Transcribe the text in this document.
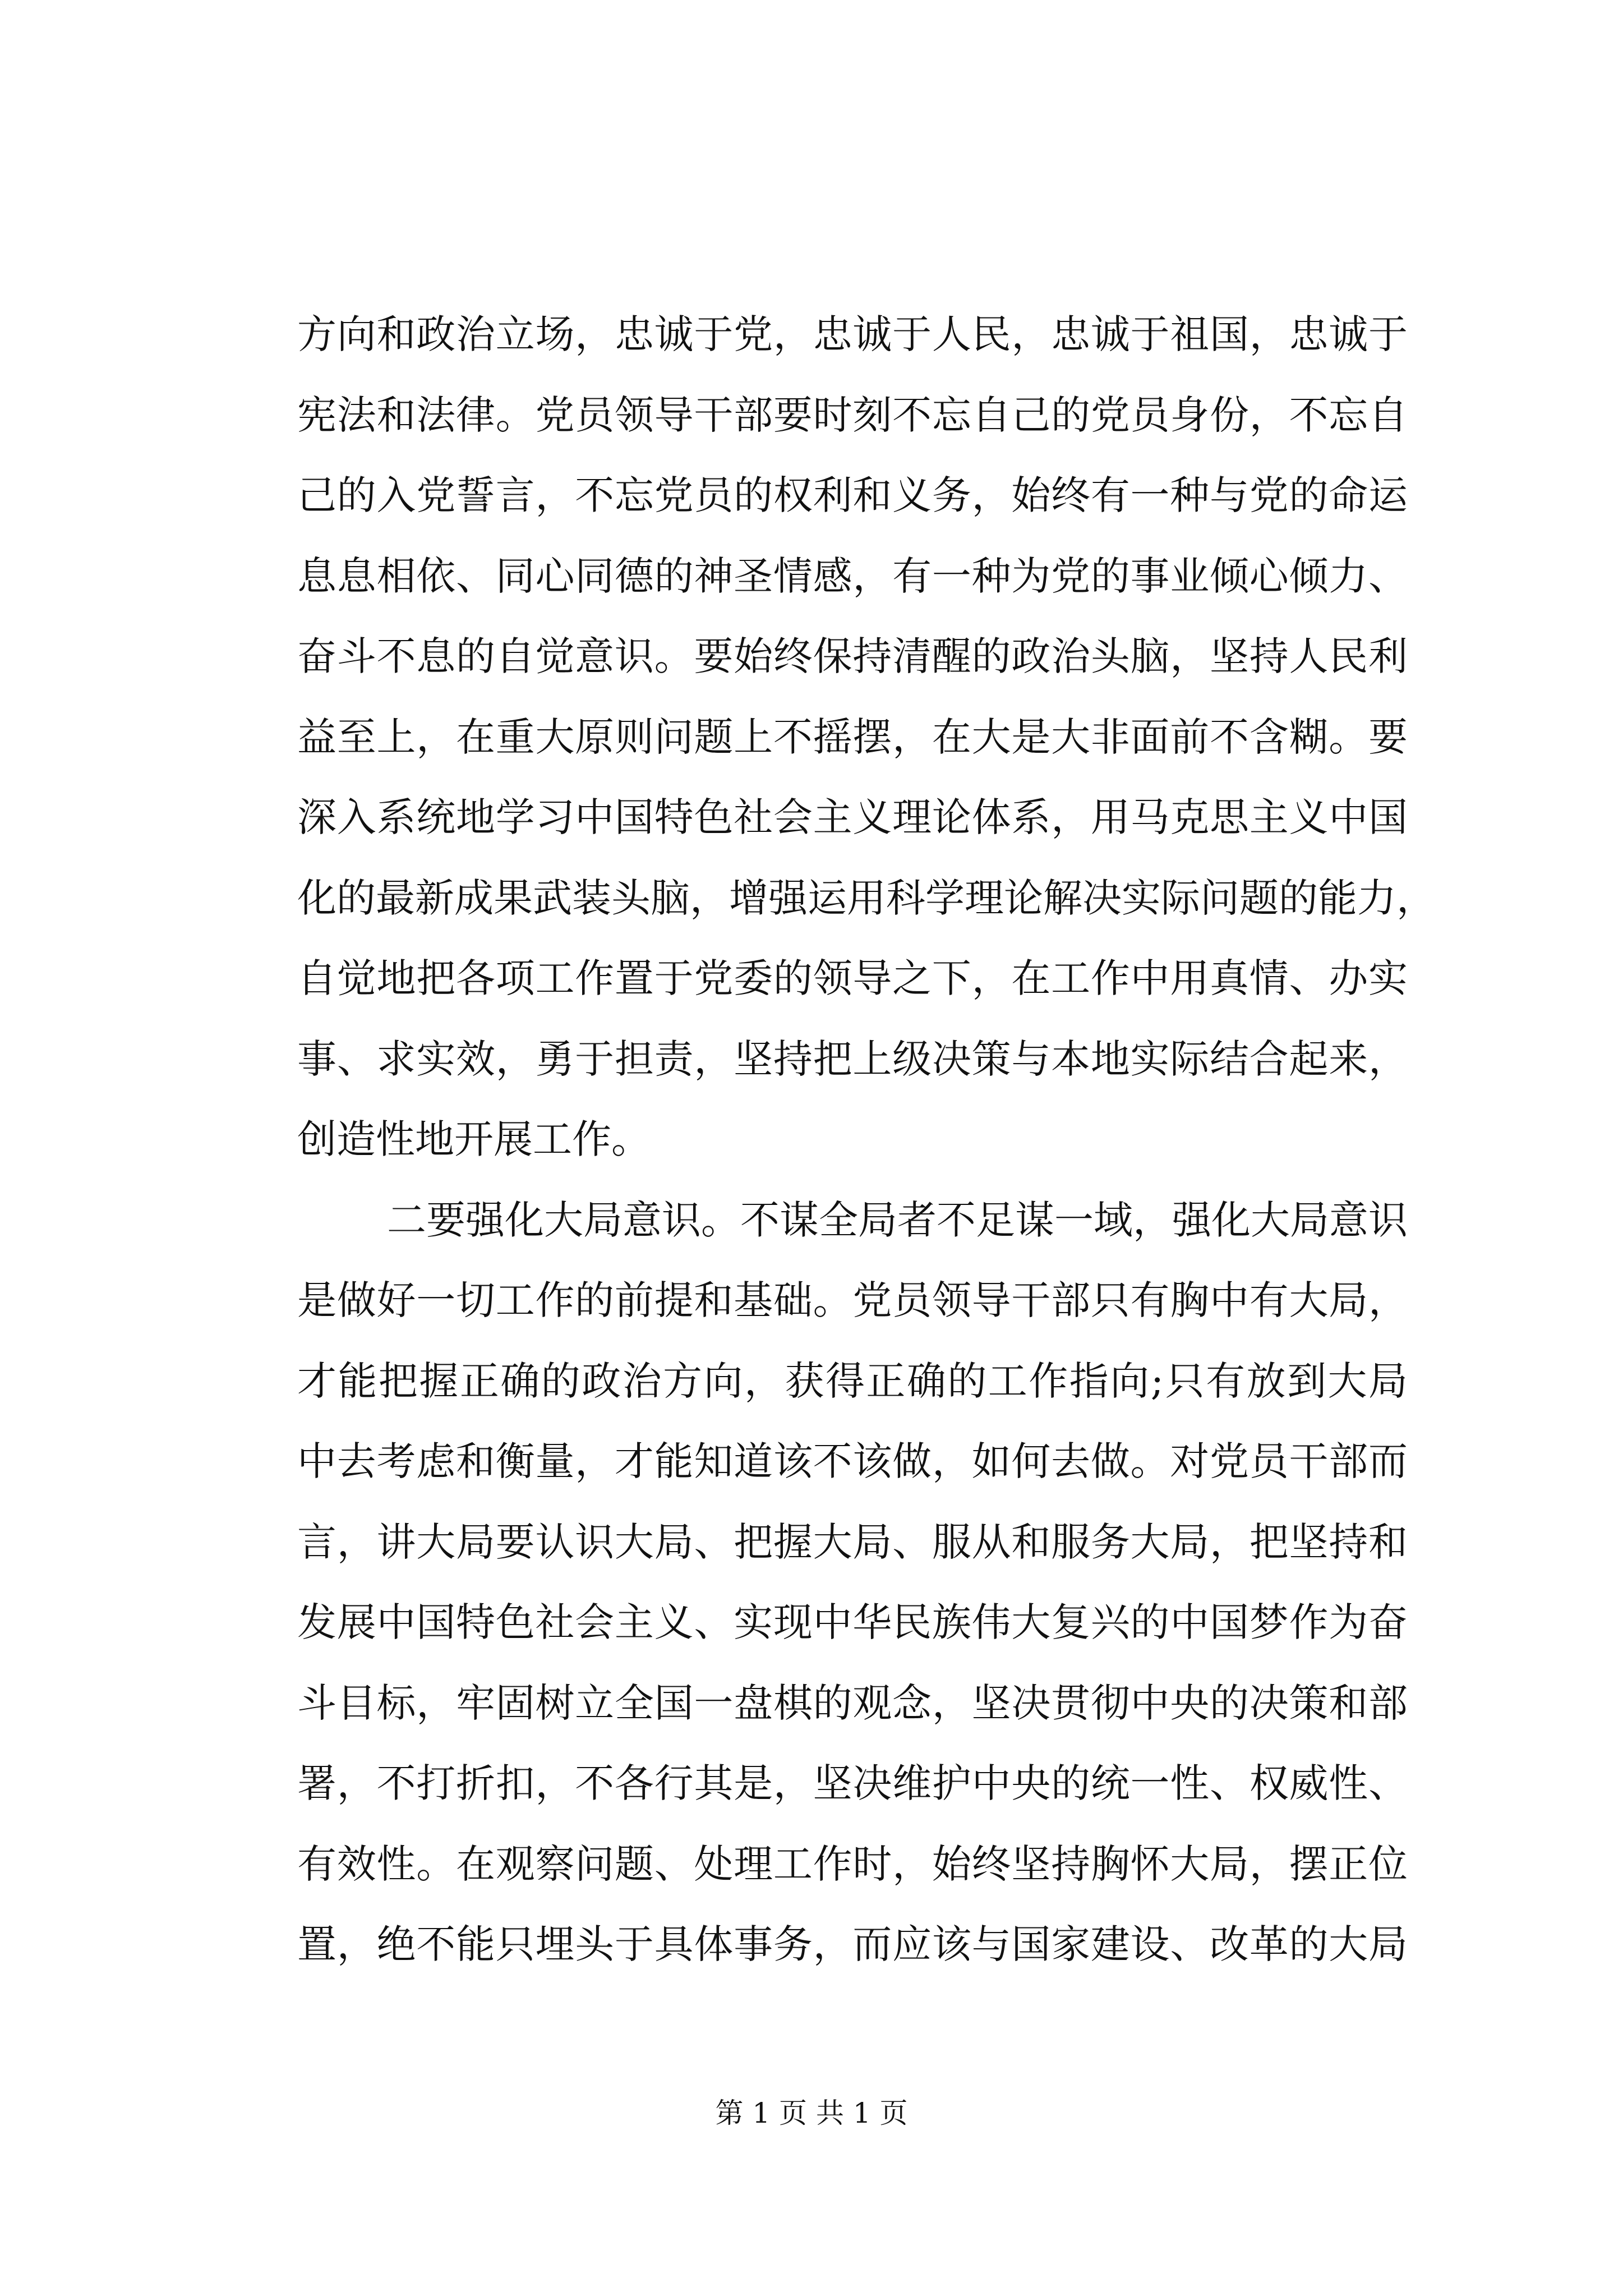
方向和政治立场，忠诚于党，忠诚于人民，忠诚于祖国，忠诚于
宪法和法律。党员领导干部要时刻不忘自己的党员身份，不忘自
己的入党誓言，不忘党员的权利和义务，始终有一种与党的命运
息息相依、同心同德的神圣情感，有一种为党的事业倾心倾力、
奋斗不息的自觉意识。要始终保持清醒的政治头脑，坚持人民利
益至上，在重大原则问题上不摇摆，在大是大非面前不含糊。要
深入系统地学习中国特色社会主义理论体系，用马克思主义中国
化的最新成果武装头脑，增强运用科学理论解决实际问题的能力，
自觉地把各项工作置于党委的领导之下，在工作中用真情、办实
事、求实效，勇于担责，坚持把上级决策与本地实际结合起来，
创造性地开展工作。
二要强化大局意识。不谋全局者不足谋一域，强化大局意识
是做好一切工作的前提和基础。党员领导干部只有胸中有大局，
才能把握正确的政治方向，获得正确的工作指向;只有放到大局
中去考虑和衡量，才能知道该不该做，如何去做。对党员干部而
言，讲大局要认识大局、把握大局、服从和服务大局，把坚持和
发展中国特色社会主义、实现中华民族伟大复兴的中国梦作为奋
斗目标，牢固树立全国一盘棋的观念，坚决贯彻中央的决策和部
署，不打折扣，不各行其是，坚决维护中央的统一性、权威性、
有效性。在观察问题、处理工作时，始终坚持胸怀大局，摆正位
置，绝不能只埋头于具体事务，而应该与国家建设、改革的大局
第 1 页 共 1 页
